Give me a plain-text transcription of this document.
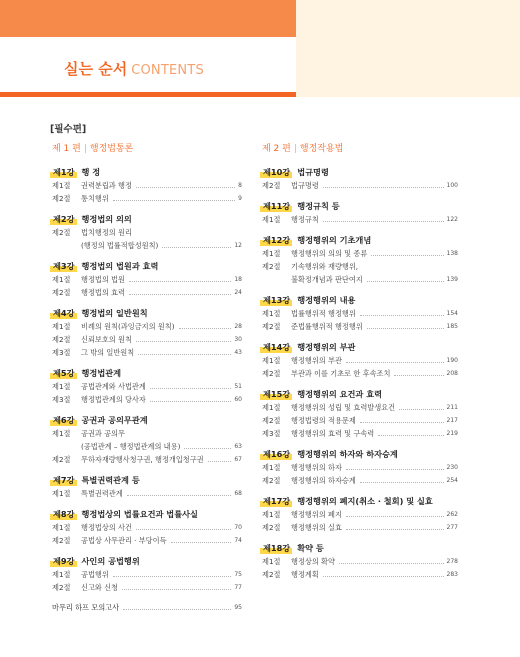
실는 순서 CONTENTS
[필수편]
제 1 편 | 행정법통론
제1강 행 정
제1절	권력분립과 행정	8
제2절	통치행위	9
제2강 행정법의 의의
제2절	법치행정의 원리
(행정의 법률적합성원칙)	12
제3강 행정법의 법원과 효력
제1절	행정법의 법원	18
제2절	행정법의 효력	24
제4강 행정법의 일반원칙
제1절	비례의 원칙(과잉금지의 원칙)	28
제2절	신뢰보호의 원칙	30
제3절	그 밖의 일반원칙	43
제5강 행정법관계
제1절	공법관계와 사법관계	51
제3절	행정법관계의 당사자	60
제6강 공권과 공의무관계
제1절	공권과 공의무
(공법관계 – 행정법관계의 내용)	63
제2절	무하자재량행사청구권, 행정개입청구권	67
제7강 특별권력관계 등
제1절	특별권력관계	68
제8강 행정법상의 법률요건과 법률사실
제1절	행정법상의 사건	70
제2절	공법상 사무관리 · 부당이득	74
제9강 사인의 공법행위
제1절	공법행위	75
제2절	신고와 신청	77
마무리 하프 모의고사	95
제 2 편 | 행정작용법
제10강 법규명령
제2절	법규명령	100
제11강 행정규칙 등
제1절	행정규칙	122
제12강 행정행위의 기초개념
제1절	행정행위의 의의 및 종류	138
제2절	기속행위와 재량행위,
불확정개념과 판단여지	139
제13강 행정행위의 내용
제1절	법률행위적 행정행위	154
제2절	준법률행위적 행정행위	185
제14강 행정행위의 부관
제1절	행정행위의 부관	190
제2절	부관과 이를 기초로 한 후속조치	208
제15강 행정행위의 요건과 효력
제1절	행정행위의 성립 및 효력발생요건	211
제2절	행정법령의 적용문제	217
제3절	행정행위의 효력 및 구속력	219
제16강 행정행위의 하자와 하자승계
제1절	행정행위의 하자	230
제2절	행정행위의 하자승계	254
제17강 행정행위의 폐지(취소 · 철회) 및 실효
제1절	행정행위의 폐지	262
제2절	행정행위의 실효	277
제18강 확약 등
제1절	행정상의 확약	278
제2절	행정계획	283
